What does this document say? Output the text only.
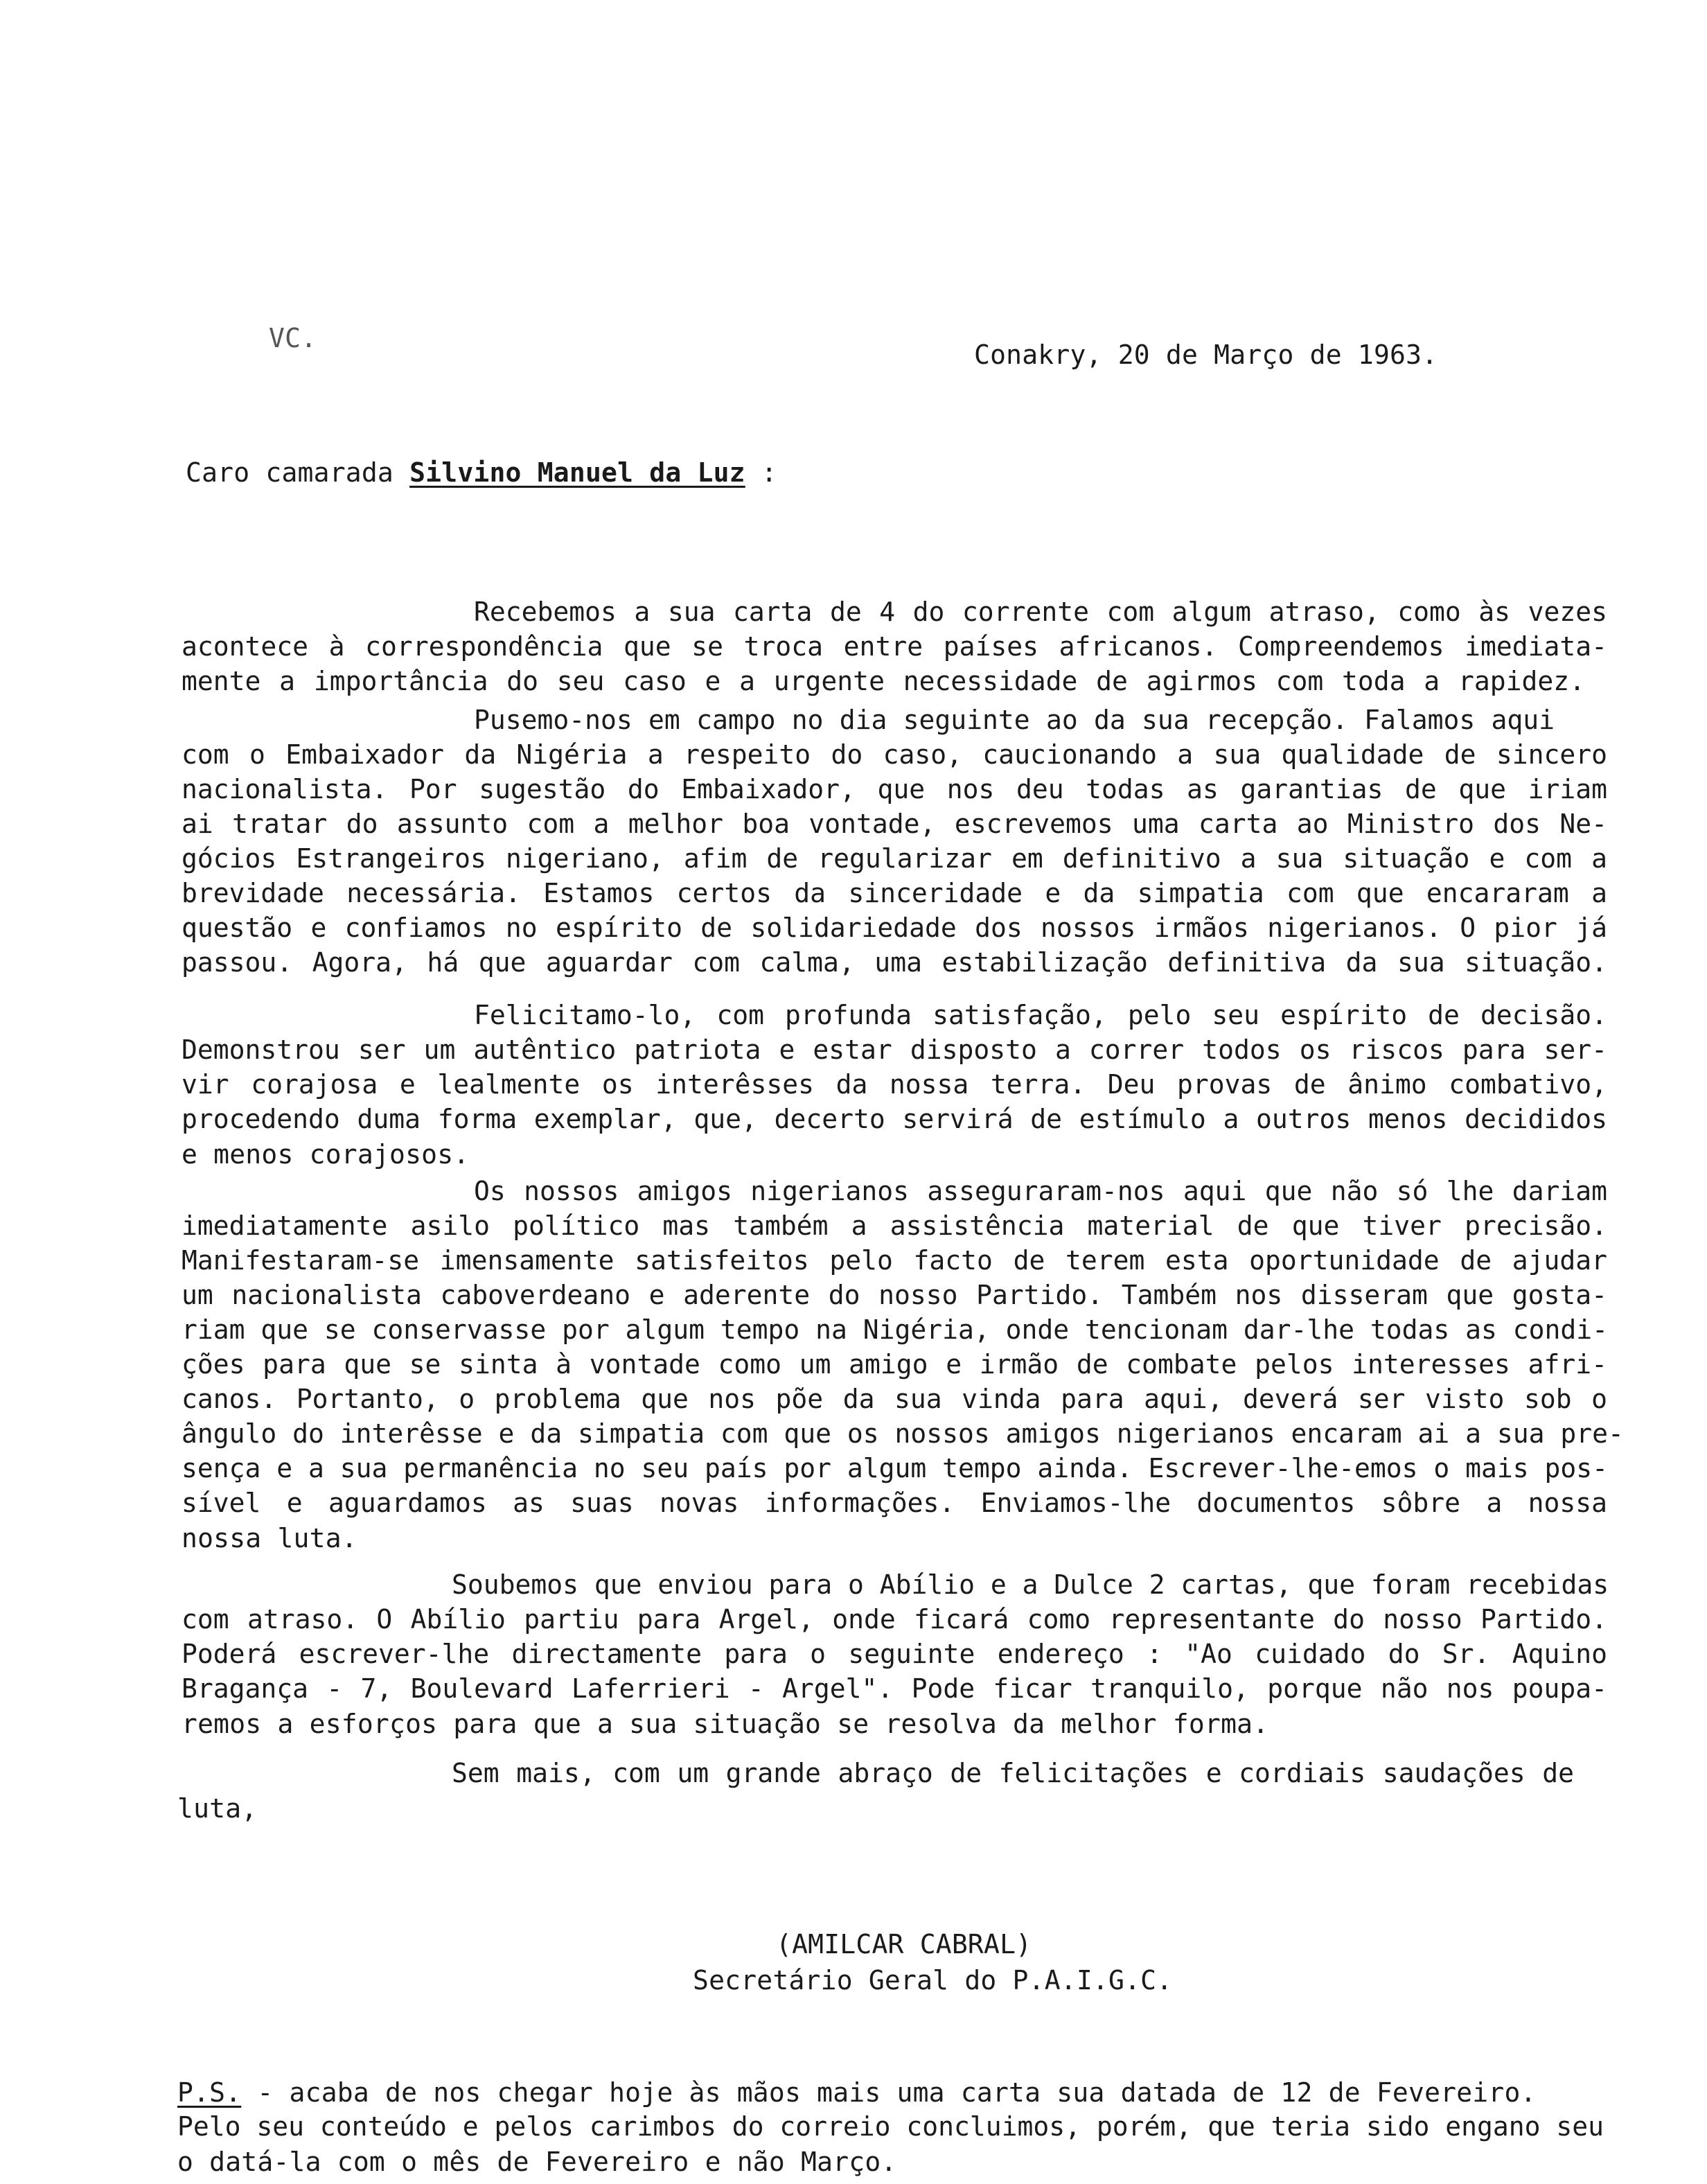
VC.
Conakry, 20 de Março de 1963.
Caro camarada Silvino Manuel da Luz :
Recebemos a sua carta de 4 do corrente com algum atraso, como às vezes
acontece à correspondência que se troca entre países africanos. Compreendemos imediata-
mente a importância do seu caso e a urgente necessidade de agirmos com toda a rapidez.
Pusemo-nos em campo no dia seguinte ao da sua recepção. Falamos aqui
com o Embaixador da Nigéria a respeito do caso, caucionando a sua qualidade de sincero
nacionalista. Por sugestão do Embaixador, que nos deu todas as garantias de que iriam
ai tratar do assunto com a melhor boa vontade, escrevemos uma carta ao Ministro dos Ne-
gócios Estrangeiros nigeriano, afim de regularizar em definitivo a sua situação e com a
brevidade necessária. Estamos certos da sinceridade e da simpatia com que encararam a
questão e confiamos no espírito de solidariedade dos nossos irmãos nigerianos. O pior já
passou. Agora, há que aguardar com calma, uma estabilização definitiva da sua situação.
Felicitamo-lo, com profunda satisfação, pelo seu espírito de decisão.
Demonstrou ser um autêntico patriota e estar disposto a correr todos os riscos para ser-
vir corajosa e lealmente os interêsses da nossa terra. Deu provas de ânimo combativo,
procedendo duma forma exemplar, que, decerto servirá de estímulo a outros menos decididos
e menos corajosos.
Os nossos amigos nigerianos asseguraram-nos aqui que não só lhe dariam
imediatamente asilo político mas também a assistência material de que tiver precisão.
Manifestaram-se imensamente satisfeitos pelo facto de terem esta oportunidade de ajudar
um nacionalista caboverdeano e aderente do nosso Partido. Também nos disseram que gosta-
riam que se conservasse por algum tempo na Nigéria, onde tencionam dar-lhe todas as condi-
ções para que se sinta à vontade como um amigo e irmão de combate pelos interesses afri-
canos. Portanto, o problema que nos põe da sua vinda para aqui, deverá ser visto sob o
ângulo do interêsse e da simpatia com que os nossos amigos nigerianos encaram ai a sua pre-
sença e a sua permanência no seu país por algum tempo ainda. Escrever-lhe-emos o mais pos-
sível e aguardamos as suas novas informações. Enviamos-lhe documentos sôbre a nossa
nossa luta.
Soubemos que enviou para o Abílio e a Dulce 2 cartas, que foram recebidas
com atraso. O Abílio partiu para Argel, onde ficará como representante do nosso Partido.
Poderá escrever-lhe directamente para o seguinte endereço : "Ao cuidado do Sr. Aquino
Bragança - 7, Boulevard Laferrieri - Argel". Pode ficar tranquilo, porque não nos poupa-
remos a esforços para que a sua situação se resolva da melhor forma.
Sem mais, com um grande abraço de felicitações e cordiais saudações de
luta,
(AMILCAR CABRAL)
Secretário Geral do P.A.I.G.C.
P.S. - acaba de nos chegar hoje às mãos mais uma carta sua datada de 12 de Fevereiro.
Pelo seu conteúdo e pelos carimbos do correio concluimos, porém, que teria sido engano seu
o datá-la com o mês de Fevereiro e não Março.
